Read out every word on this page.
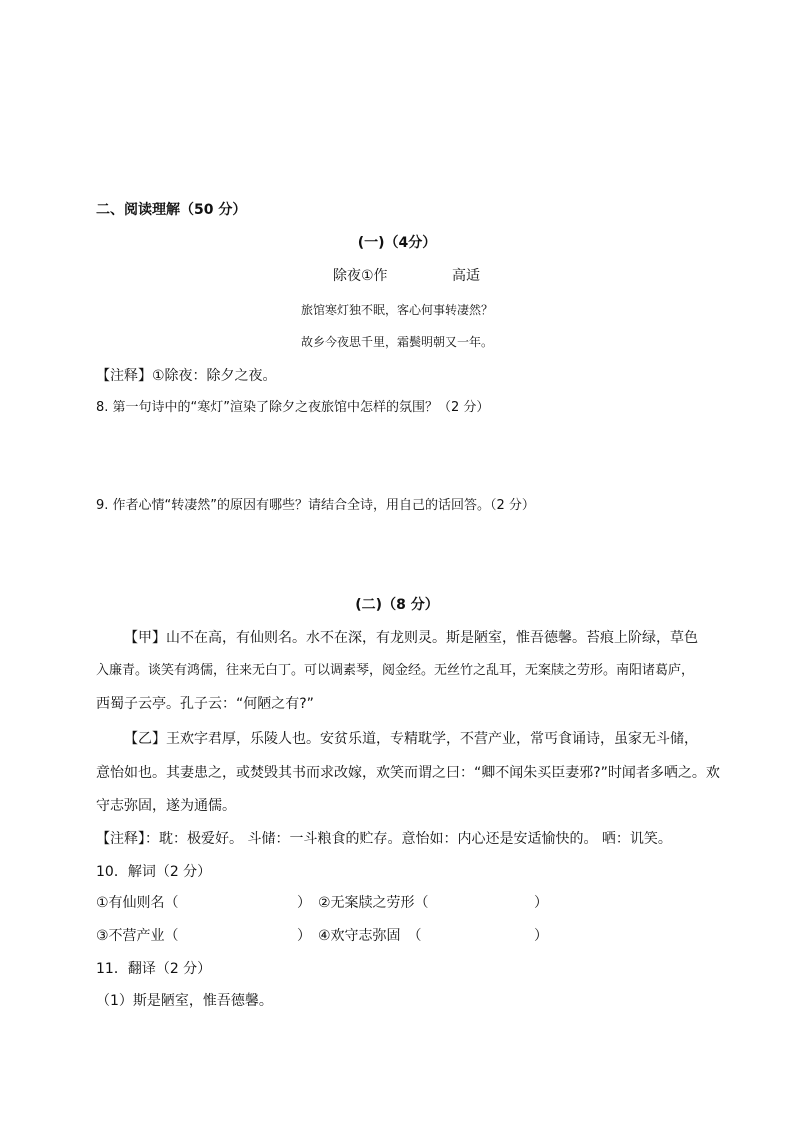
二、阅读理解（50 分）
(一)（4分）
除夜①作	高适
旅馆寒灯独不眠，客心何事转凄然？
故乡今夜思千里，霜鬓明朝又一年。
【注释】①除夜：除夕之夜。
8. 第一句诗中的“寒灯”渲染了除夕之夜旅馆中怎样的氛围？（2 分）
9. 作者心情“转凄然”的原因有哪些？请结合全诗，用自己的话回答。（2 分）
(二)（8 分）
【甲】山不在高，有仙则名。水不在深，有龙则灵。斯是陋室，惟吾德馨。苔痕上阶绿，草色
入廉青。谈笑有鸿儒，往来无白丁。可以调素琴，阅金经。无丝竹之乱耳，无案牍之劳形。南阳诸葛庐，
西蜀子云亭。孔子云：“何陋之有?”
【乙】王欢字君厚，乐陵人也。安贫乐道，专精耽学，不营产业，常丐食诵诗，虽家无斗储，
意怡如也。其妻患之，或焚毁其书而求改嫁，欢笑而谓之曰：“卿不闻朱买臣妻邪?”时闻者多哂之。欢
守志弥固，遂为通儒。
【注释】：耽：极爱好。 斗储：一斗粮食的贮存。意怡如：内心还是安适愉快的。 哂：讥笑。
10．解词（2 分）
①有仙则名（	） ②无案牍之劳形（	）
③不营产业（	） ④欢守志弥固　（	）
11．翻译（2 分）
（1）斯是陋室，惟吾德馨。
